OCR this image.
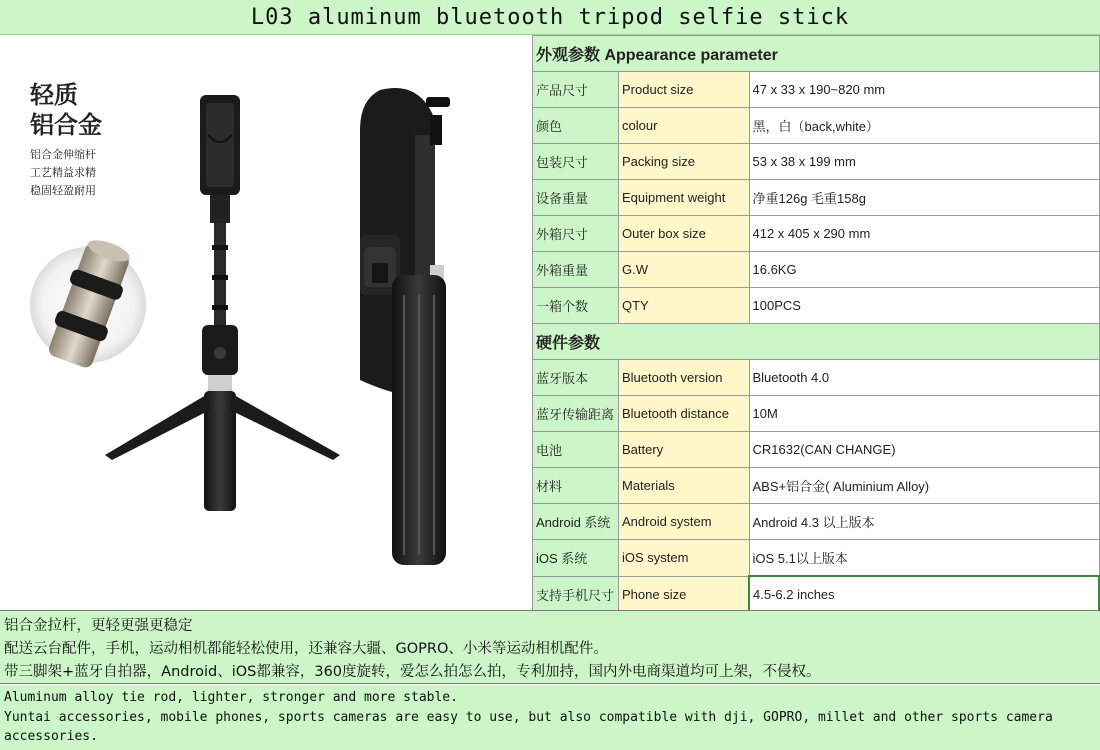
L03 aluminum bluetooth tripod selfie stick
轻质
铝合金
铝合金伸缩杆
工艺精益求精
稳固轻盈耐用
外观参数 Appearance parameter		
产品尺寸	Product size	47 x 33 x 190~820 mm
颜色	colour	黑，白（back,white）
包装尺寸	Packing size	53 x 38 x 199 mm
设备重量	Equipment weight	净重126g 毛重158g
外箱尺寸	Outer box size	412 x 405 x 290 mm
外箱重量	G.W	16.6KG
一箱个数	QTY	100PCS
硬件参数		
蓝牙版本	Bluetooth version	Bluetooth 4.0
蓝牙传输距离	Bluetooth distance	10M
电池	Battery	CR1632(CAN CHANGE)
材料	Materials	ABS+铝合金( Aluminium Alloy)
Android 系统	Android system	Android 4.3 以上版本
iOS 系统	iOS system	iOS 5.1以上版本
支持手机尺寸	Phone size	4.5-6.2 inches
铝合金拉杆，更轻更强更稳定
配送云台配件，手机，运动相机都能轻松使用，还兼容大疆、GOPRO、小米等运动相机配件。
带三脚架+蓝牙自拍器，Android、iOS都兼容，360度旋转，爱怎么拍怎么拍，专利加持，国内外电商渠道均可上架，不侵权。
Aluminum alloy tie rod, lighter, stronger and more stable.
Yuntai accessories, mobile phones, sports cameras are easy to use, but also compatible with dji, GOPRO, millet and other sports camera accessories.
